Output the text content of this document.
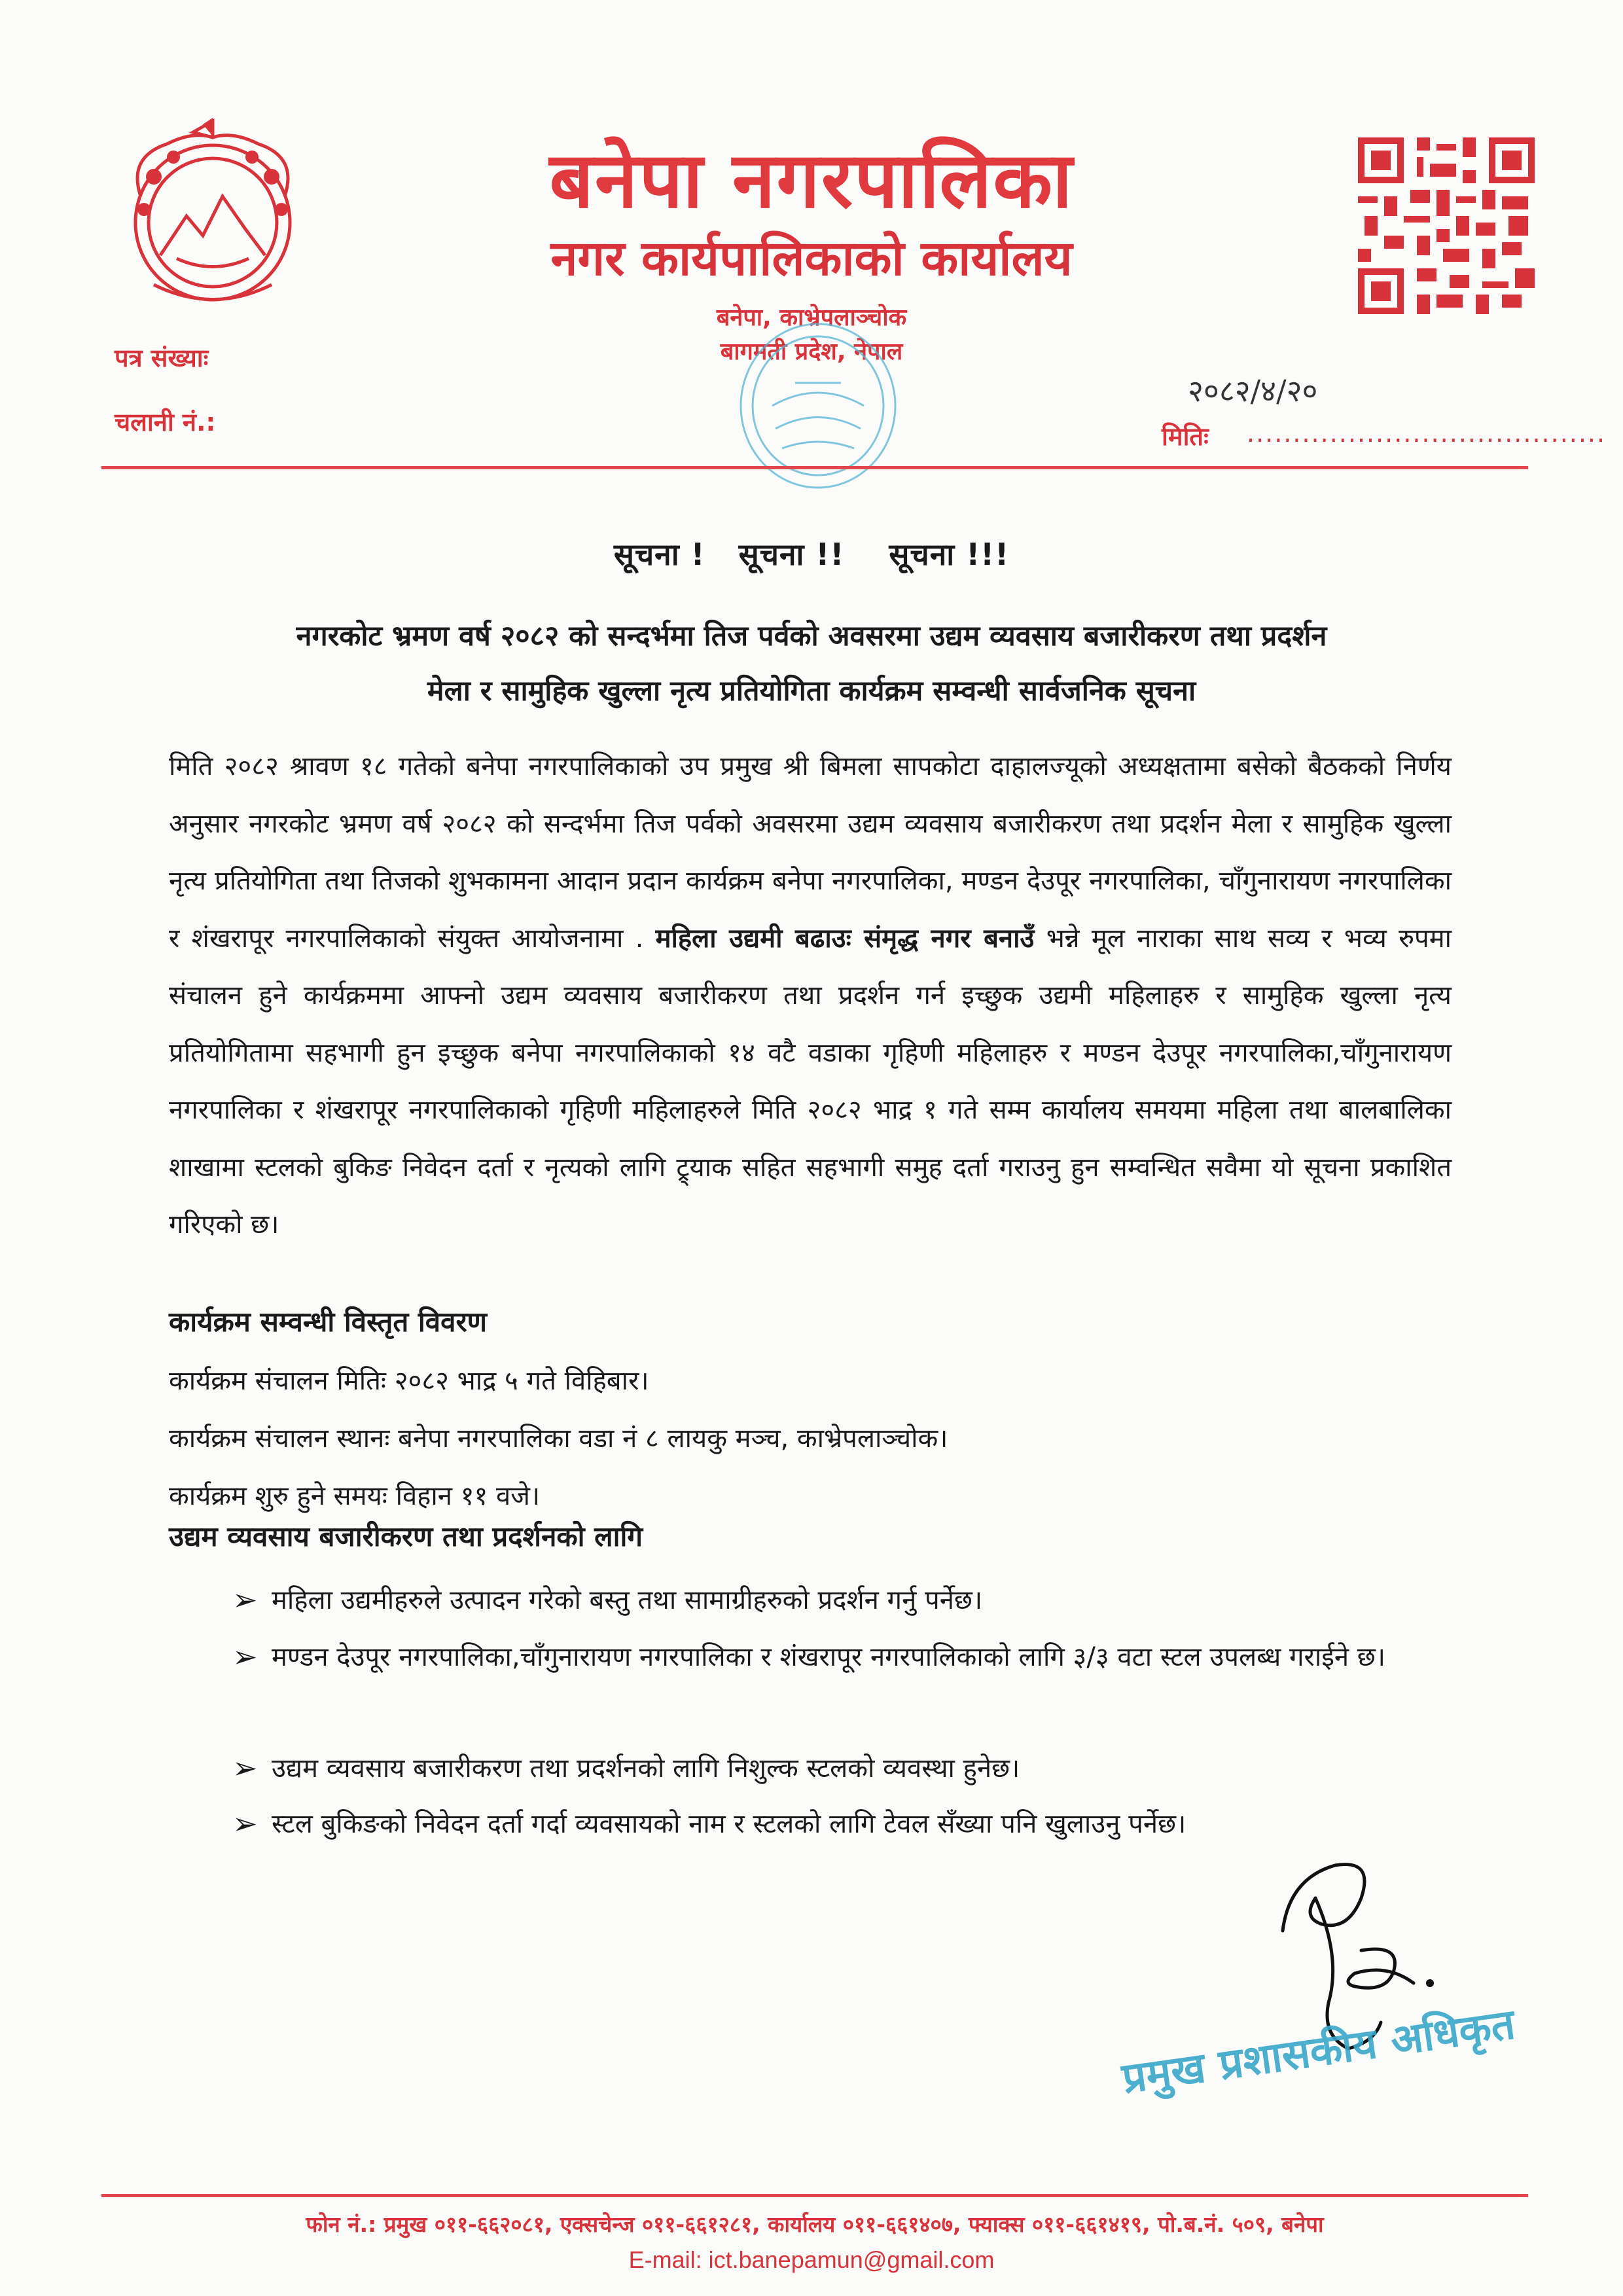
बनेपा नगरपालिका
नगर कार्यपालिकाको कार्यालय
बनेपा, काभ्रेपलाञ्चोक
बागमती प्रदेश, नेपाल
पत्र संख्याः
चलानी नं.:
२०८२/४/२०
मितिः .......................................
सूचना !   सूचना !!    सूचना !!!
नगरकोट भ्रमण वर्ष २०८२ को सन्दर्भमा तिज पर्वको अवसरमा उद्यम व्यवसाय बजारीकरण तथा प्रदर्शन
मेला र सामुहिक खुल्ला नृत्य प्रतियोगिता कार्यक्रम सम्वन्धी सार्वजनिक सूचना
मिति २०८२ श्रावण १८ गतेको बनेपा नगरपालिकाको उप प्रमुख श्री बिमला सापकोटा दाहालज्यूको अध्यक्षतामा बसेको बैठकको निर्णय अनुसार नगरकोट भ्रमण वर्ष २०८२ को सन्दर्भमा तिज पर्वको अवसरमा उद्यम व्यवसाय बजारीकरण तथा प्रदर्शन मेला र सामुहिक खुल्ला नृत्य प्रतियोगिता तथा तिजको शुभकामना आदान प्रदान कार्यक्रम बनेपा नगरपालिका, मण्डन देउपूर नगरपालिका, चाँगुनारायण नगरपालिका र शंखरापूर नगरपालिकाको संयुक्त आयोजनामा . महिला उद्यमी बढाउः संमृद्ध नगर बनाउँ भन्ने मूल नाराका साथ सव्य र भव्य रुपमा संचालन हुने कार्यक्रममा आफ्नो उद्यम व्यवसाय बजारीकरण तथा प्रदर्शन गर्न इच्छुक उद्यमी महिलाहरु र सामुहिक खुल्ला नृत्य प्रतियोगितामा सहभागी हुन इच्छुक बनेपा नगरपालिकाको १४ वटै वडाका गृहिणी महिलाहरु र मण्डन देउपूर नगरपालिका,चाँगुनारायण नगरपालिका र शंखरापूर नगरपालिकाको गृहिणी महिलाहरुले मिति २०८२ भाद्र १ गते सम्म कार्यालय समयमा महिला तथा बालबालिका शाखामा स्टलको बुकिङ निवेदन दर्ता र नृत्यको लागि ट्र्याक सहित सहभागी समुह दर्ता गराउनु हुन सम्वन्धित सवैमा यो सूचना प्रकाशित गरिएको छ।
कार्यक्रम सम्वन्धी विस्तृत विवरण
कार्यक्रम संचालन मितिः २०८२ भाद्र ५ गते विहिबार।
कार्यक्रम संचालन स्थानः बनेपा नगरपालिका वडा नं ८ लायकु मञ्च, काभ्रेपलाञ्चोक।
कार्यक्रम शुरु हुने समयः विहान ११ वजे।
उद्यम व्यवसाय बजारीकरण तथा प्रदर्शनको लागि
➢ महिला उद्यमीहरुले उत्पादन गरेको बस्तु तथा सामाग्रीहरुको प्रदर्शन गर्नु पर्नेछ।
➢ मण्डन देउपूर नगरपालिका,चाँगुनारायण नगरपालिका र शंखरापूर नगरपालिकाको लागि ३/३ वटा स्टल उपलब्ध गराईने छ।
➢ उद्यम व्यवसाय बजारीकरण तथा प्रदर्शनको लागि निशुल्क स्टलको व्यवस्था हुनेछ।
➢ स्टल बुकिङको निवेदन दर्ता गर्दा व्यवसायको नाम र स्टलको लागि टेवल सँख्या पनि खुलाउनु पर्नेछ।
प्रमुख प्रशासकीय अधिकृत
फोन नं.: प्रमुख ०११-६६२०८१, एक्सचेन्ज ०११-६६१२८१, कार्यालय ०११-६६१४०७, फ्याक्स ०११-६६१४१९, पो.ब.नं. ५०९, बनेपा
E-mail: ict.banepamun@gmail.com
